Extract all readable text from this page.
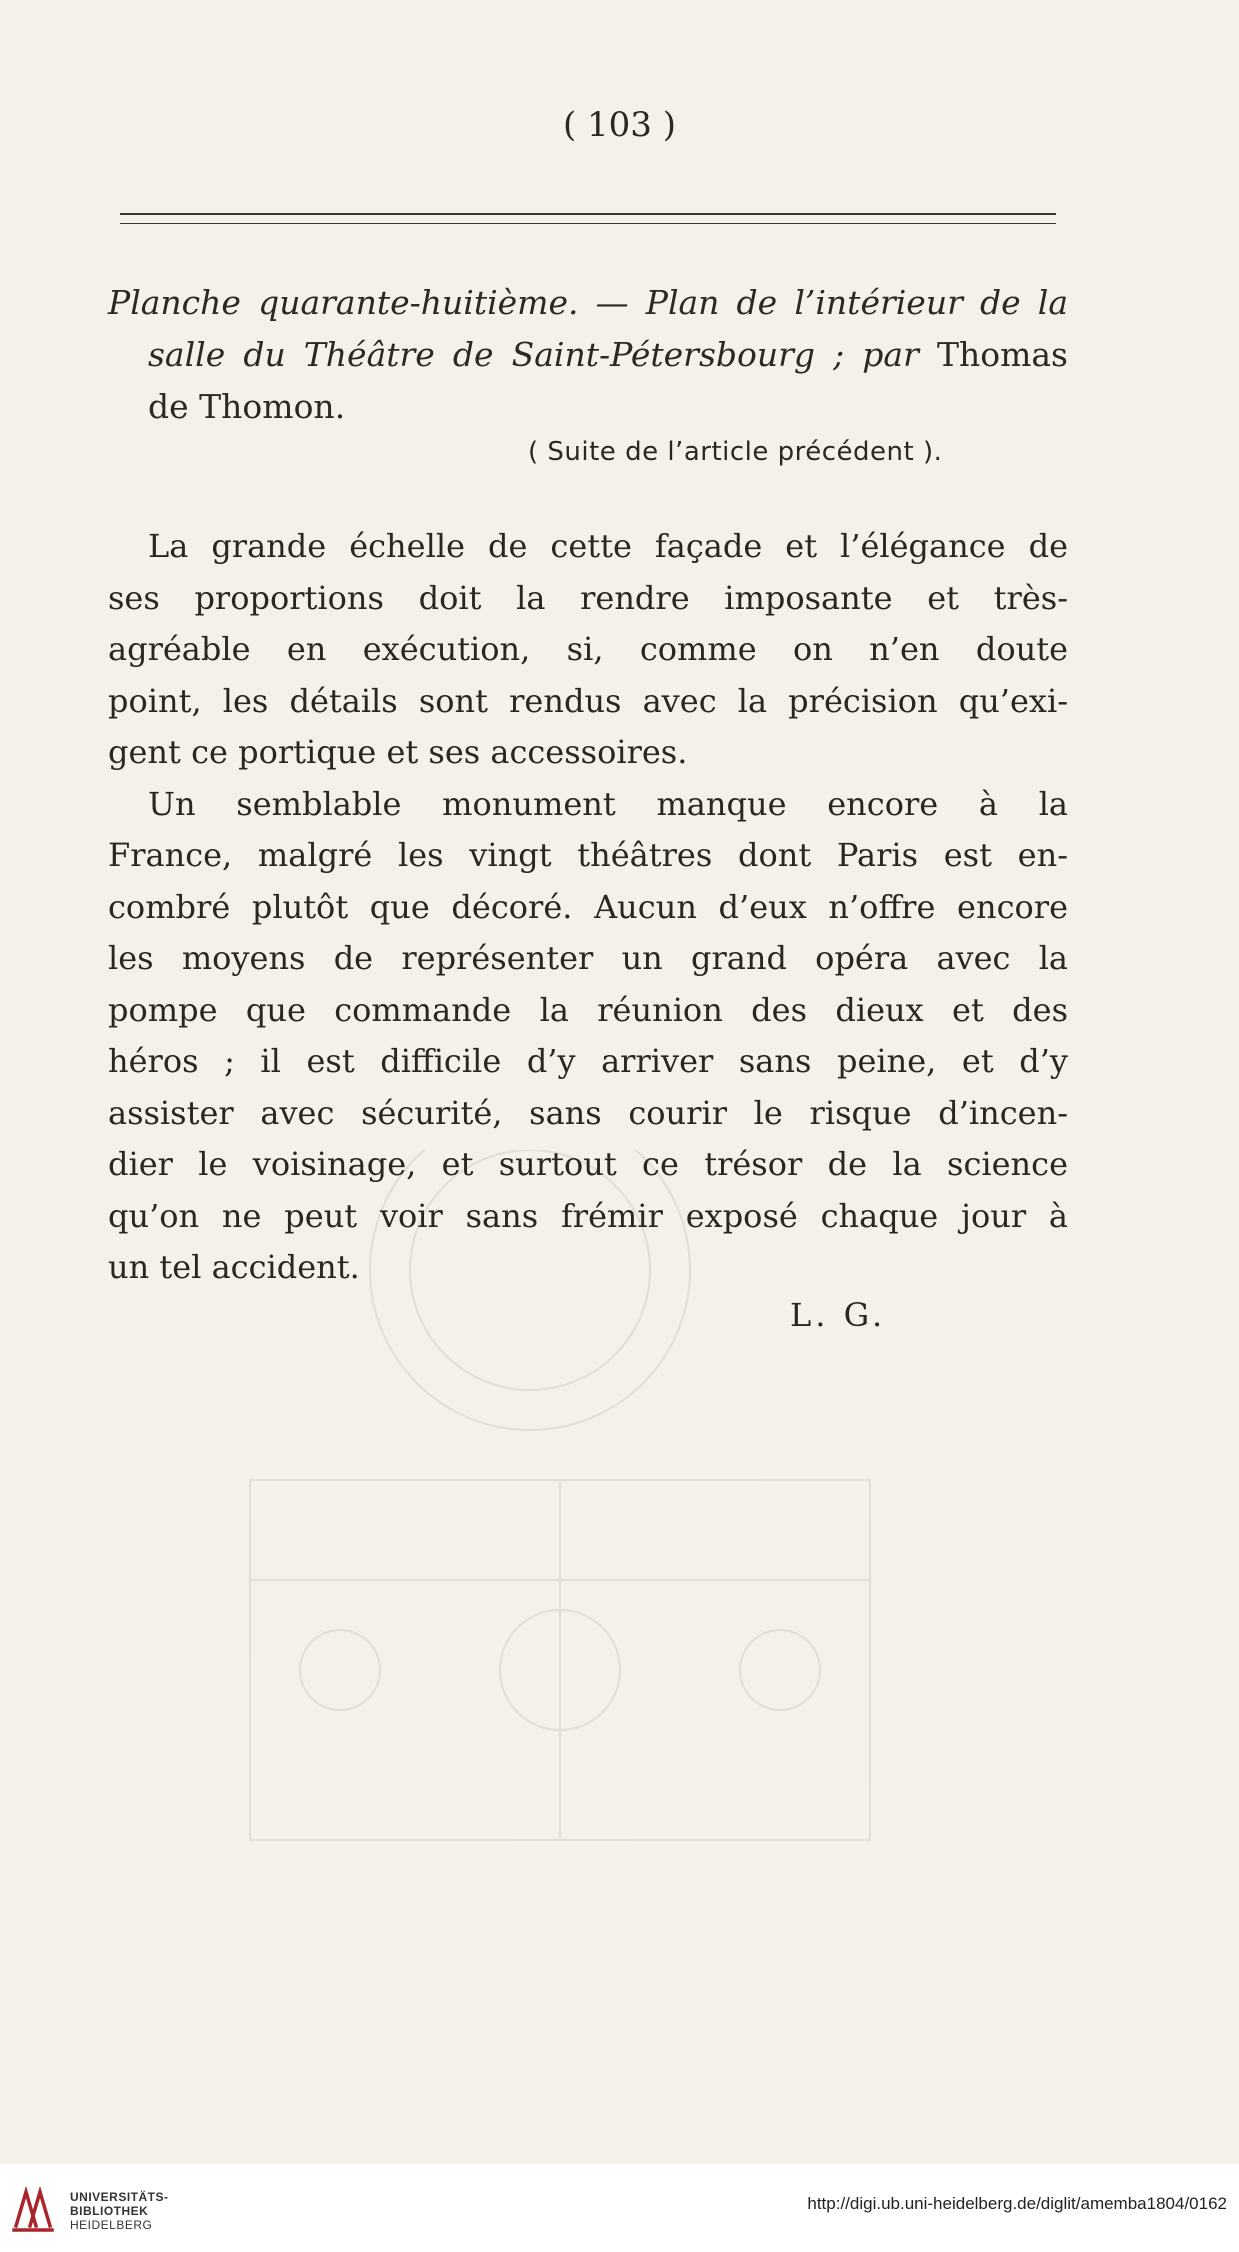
( 103 )
Planche quarante-huitième. — Plan de l’intérieur de la
salle du Théâtre de Saint-Pétersbourg ; par Thomas
de Thomon.
( Suite de l’article précédent ).
La grande échelle de cette façade et l’élégance de
ses proportions doit la rendre imposante et très-
agréable en exécution, si, comme on n’en doute
point, les détails sont rendus avec la précision qu’exi-
gent ce portique et ses accessoires.
Un semblable monument manque encore à la
France, malgré les vingt théâtres dont Paris est en-
combré plutôt que décoré. Aucun d’eux n’offre encore
les moyens de représenter un grand opéra avec la
pompe que commande la réunion des dieux et des
héros ; il est difficile d’y arriver sans peine, et d’y
assister avec sécurité, sans courir le risque d’incen-
dier le voisinage, et surtout ce trésor de la science
qu’on ne peut voir sans frémir exposé chaque jour à
un tel accident.
L. G.
UNIVERSITÄTS-
BIBLIOTHEK
HEIDELBERG
http://digi.ub.uni-heidelberg.de/diglit/amemba1804/0162
